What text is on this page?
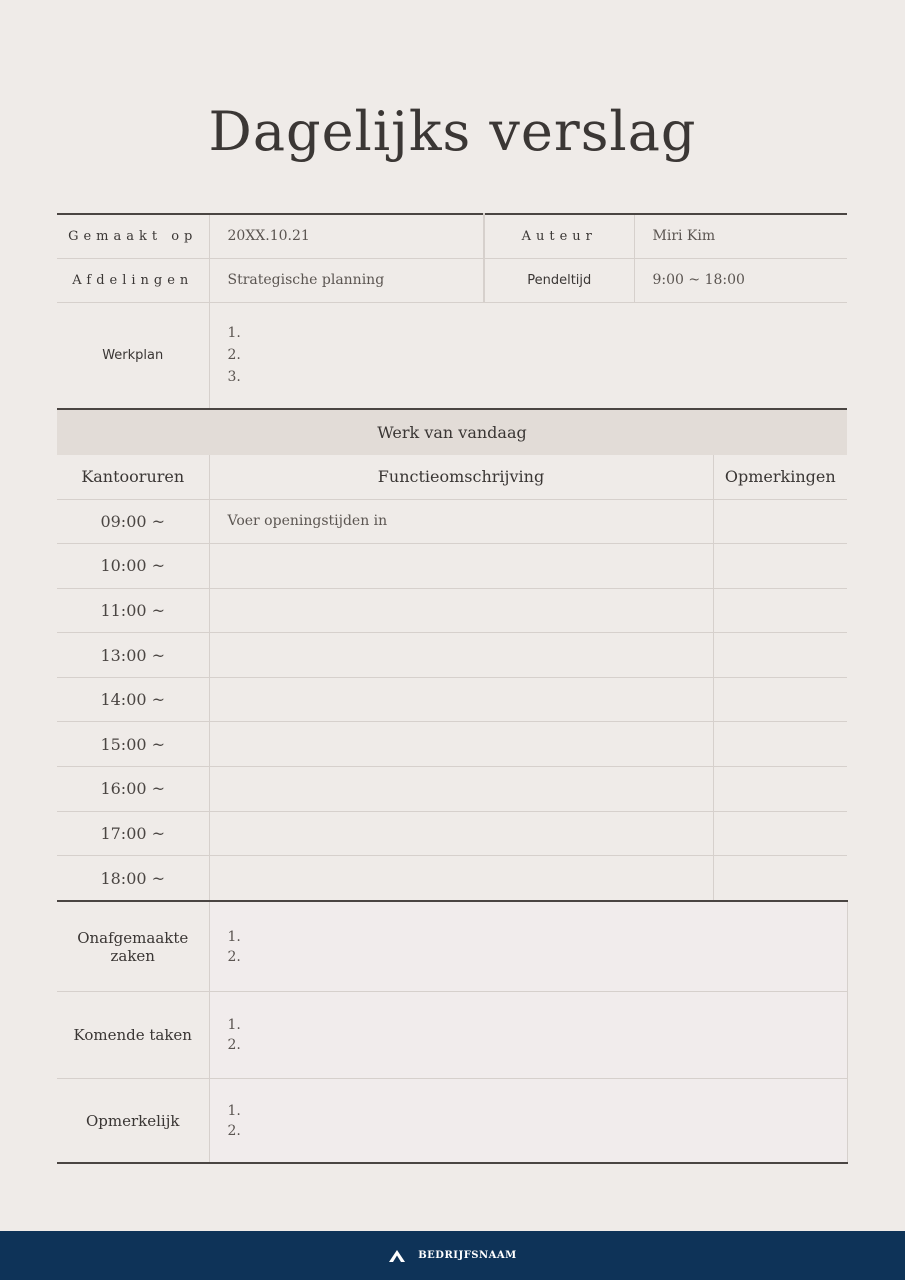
Dagelijks verslag
Gemaakt op	20XX.10.21	Auteur	Miri Kim
Afdelingen	Strategische planning	Pendeltijd	9:00 ~ 18:00
Werkplan	1.
2.
3.		
Werk van vandaag		
Kantooruren	Functieomschrijving	Opmerkingen
09:00 ~	Voer openingstijden in	
10:00 ~		
11:00 ~		
13:00 ~		
14:00 ~		
15:00 ~		
16:00 ~		
17:00 ~		
18:00 ~		
Onafgemaakte zaken	1.
2.

Komende taken	1.
2.

Opmerkelijk	1.
2.
BEDRIJFSNAAM
